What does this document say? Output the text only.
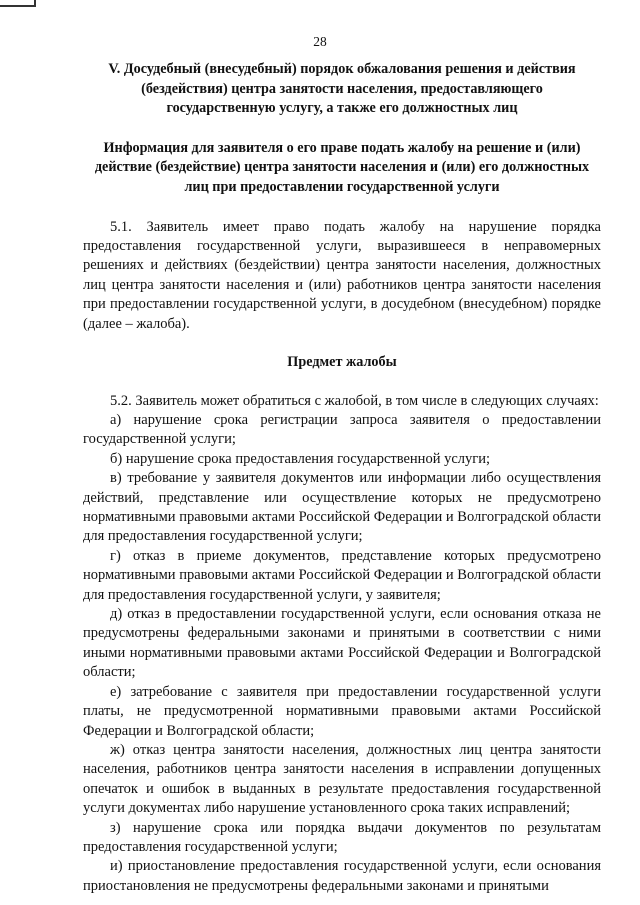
28
V. Досудебный (внесудебный) порядок обжалования решения и действия (бездействия) центра занятости населения, предоставляющего государственную услугу, а также его должностных лиц
Информация для заявителя о его праве подать жалобу на решение и (или) действие (бездействие) центра занятости населения и (или) его должностных лиц при предоставлении государственной услуги

5.1. Заявитель имеет право подать жалобу на нарушение порядка предоставления государственной услуги, выразившееся в неправомерных решениях и действиях (бездействии) центра занятости населения, должностных лиц центра занятости населения и (или) работников центра занятости населения при предоставлении государственной услуги, в досудебном (внесудебном) порядке (далее – жалоба).

Предмет жалобы

5.2. Заявитель может обратиться с жалобой, в том числе в следующих случаях:

а) нарушение срока регистрации запроса заявителя о предоставлении государственной услуги;

б) нарушение срока предоставления государственной услуги;

в) требование у заявителя документов или информации либо осуществления действий, представление или осуществление которых не предусмотрено нормативными правовыми актами Российской Федерации и Волгоградской области для предоставления государственной услуги;

г) отказ в приеме документов, представление которых предусмотрено нормативными правовыми актами Российской Федерации и Волгоградской области для предоставления государственной услуги, у заявителя;

д) отказ в предоставлении государственной услуги, если основания отказа не предусмотрены федеральными законами и принятыми в соответствии с ними иными нормативными правовыми актами Российской Федерации и Волгоградской области;

е) затребование с заявителя при предоставлении государственной услуги платы, не предусмотренной нормативными правовыми актами Российской Федерации и Волгоградской области;

ж) отказ центра занятости населения, должностных лиц центра занятости населения, работников центра занятости населения в исправлении допущенных опечаток и ошибок в выданных в результате предоставления государственной услуги документах либо нарушение установленного срока таких исправлений;

з) нарушение срока или порядка выдачи документов по результатам предоставления государственной услуги;

и) приостановление предоставления государственной услуги, если основания приостановления не предусмотрены федеральными законами и принятыми
